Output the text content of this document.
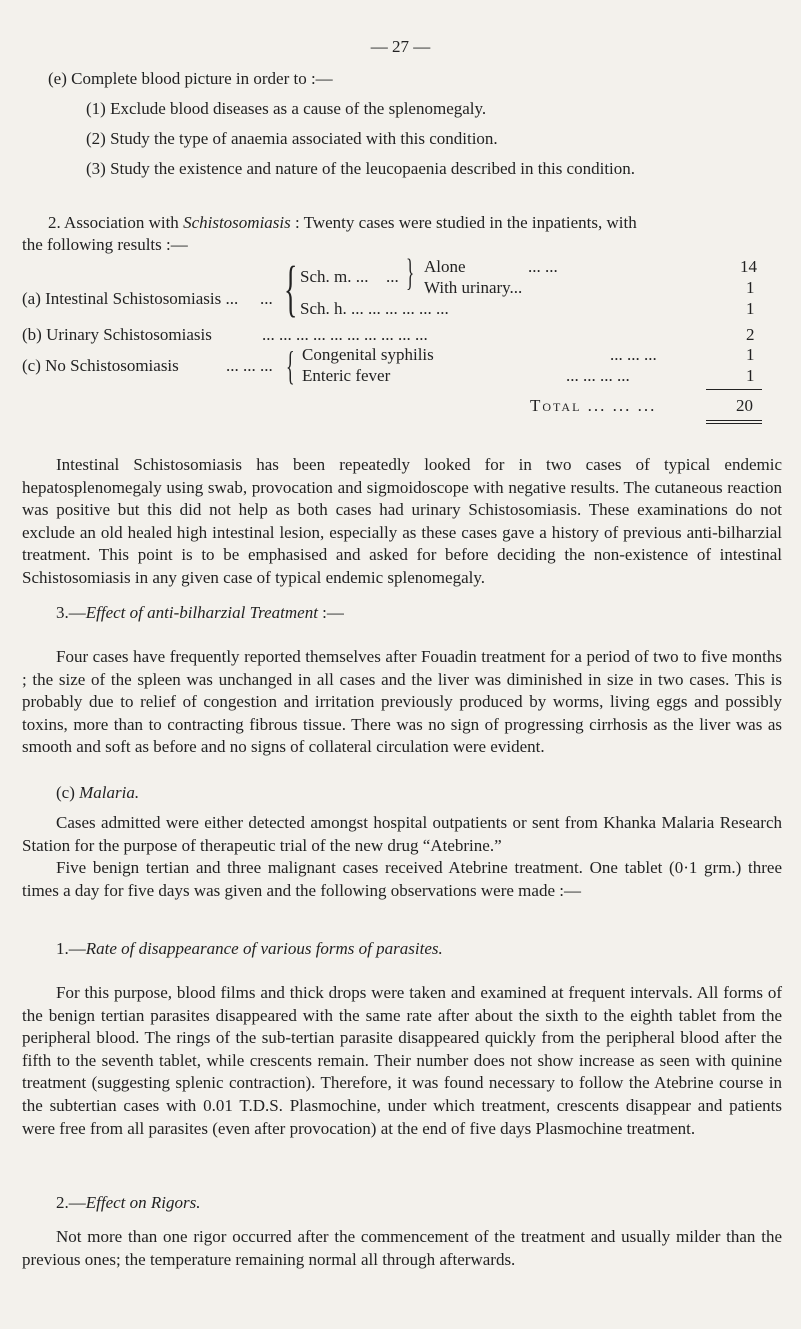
— 27 —
(e) Complete blood picture in order to :—
(1) Exclude blood diseases as a cause of the splenomegaly.
(2) Study the type of anaemia associated with this condition.
(3) Study the existence and nature of the leucopaenia described in this condition.
2. Association with Schistosomiasis : Twenty cases were studied in the inpatients, with
the following results :—
(a) Intestinal Schistosomiasis ... ... { Sch. m. ... ... } Alone	... ...	14
With urinary...	1
Sch. h. ... ... ... ... ... ...	1
(b) Urinary Schistosomiasis	... ... ... ... ... ... ... ... ... ...	2
(c) No Schistosomiasis	... ... ... { Congenital syphilis	... ... ...	1
Enteric fever	... ... ... ...	1
Total ... ... ...	20
Intestinal Schistosomiasis has been repeatedly looked for in two cases of typical endemic hepatosplenomegaly using swab, provocation and sigmoidoscope with negative results. The cutaneous reaction was positive but this did not help as both cases had urinary Schistosomiasis. These examinations do not exclude an old healed high intestinal lesion, especially as these cases gave a history of previous anti-bilharzial treatment. This point is to be emphasised and asked for before deciding the non-existence of intestinal Schistosomiasis in any given case of typical endemic splenomegaly.
3.—Effect of anti-bilharzial Treatment :—
Four cases have frequently reported themselves after Fouadin treatment for a period of two to five months ; the size of the spleen was unchanged in all cases and the liver was diminished in size in two cases. This is probably due to relief of congestion and irritation previously produced by worms, living eggs and possibly toxins, more than to contracting fibrous tissue. There was no sign of progressing cirrhosis as the liver was as smooth and soft as before and no signs of collateral circulation were evident.
(c) Malaria.
Cases admitted were either detected amongst hospital outpatients or sent from Khanka Malaria Research Station for the purpose of therapeutic trial of the new drug “Atebrine.”
Five benign tertian and three malignant cases received Atebrine treatment. One tablet (0·1 grm.) three times a day for five days was given and the following observations were made :—
1.—Rate of disappearance of various forms of parasites.
For this purpose, blood films and thick drops were taken and examined at frequent intervals. All forms of the benign tertian parasites disappeared with the same rate after about the sixth to the eighth tablet from the peripheral blood. The rings of the sub-tertian parasite disappeared quickly from the peripheral blood after the fifth to the seventh tablet, while crescents remain. Their number does not show increase as seen with quinine treatment (suggesting splenic contraction). Therefore, it was found necessary to follow the Atebrine course in the subtertian cases with 0.01 T.D.S. Plasmochine, under which treatment, crescents disappear and patients were free from all parasites (even after provocation) at the end of five days Plasmochine treatment.
2.—Effect on Rigors.
Not more than one rigor occurred after the commencement of the treatment and usually milder than the previous ones; the temperature remaining normal all through afterwards.
